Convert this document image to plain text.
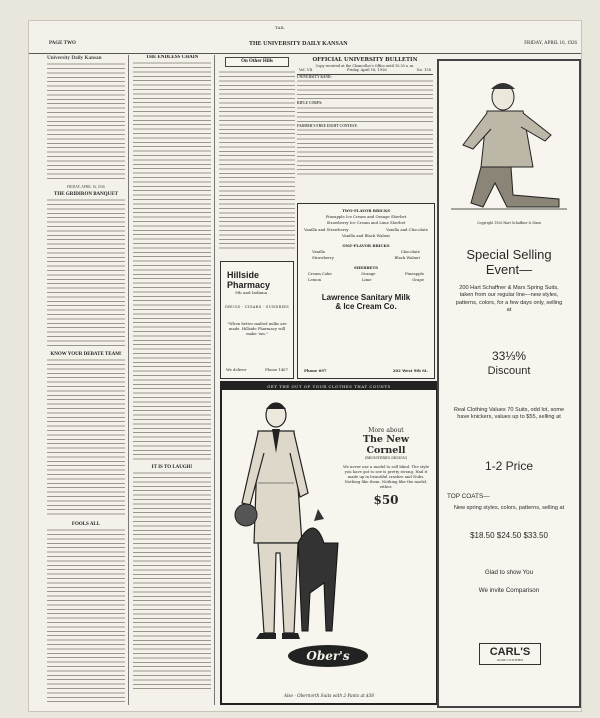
TAIL
PAGE TWO	THE UNIVERSITY DAILY KANSAN	FRIDAY, APRIL 16, 1926
University Daily Kansan
FRIDAY, APRIL 16, 1926
THE GRIDIRON BANQUET
KNOW YOUR DEBATE TEAM!
FOOLS ALL
THE ENDLESS CHAIN
IT IS TO LAUGH!
On Other Hills
Hillside Pharmacy
9th and Indiana
DRUGS - CIGARS - SUNDRIES
"When better malted milks are made, Hillside Pharmacy will make 'em."
We deliver	Phone 1467
OFFICIAL UNIVERSITY BULLETIN
Copy received at the Chancellor's Office until 10:30 a. m.
Vol. VII	Friday, April 16, 1926	No. 158
UNIVERSITY BAND:
RIFLE CORPS:
FARMER'S FREE EIGHT CONTEST:
TWO-FLAVOR BRICKS
Pineapple Ice Cream and Orange Sherbet
Strawberry Ice Cream and Lime Sherbet
Vanilla and Strawberry	Vanilla and Chocolate
Vanilla and Black Walnut
ONE-FLAVOR BRICKS
Vanilla	Chocolate
Strawberry	Black Walnut
SHERBETS
Cream Cake	Orange	Pineapple
Lemon	Lime	Grape
Lawrence Sanitary Milk
& Ice Cream Co.
Phone 697	202 West 9th St.
GET THE OUT OF YOUR CLOTHES THAT COUNTS
More about
The New Cornell
(REGISTERED DESIGN)
We never use a model to sell blind. The style you have got to see is pretty strong. Had it made up in beautiful crashes and Nubs. Nothing like them. Nothing like the model, either.
$50
Ober's
Also - Obernorth Suits with 2-Pants at $38
Copyright 1926 Hart Schaffner & Marx
Special Selling
Event—
200 Hart Schaffner & Marx Spring Suits, taken from our regular line—new styles, patterns, colors, for a few days only, selling at
33⅓%
Discount
Real Clothing Values 70 Suits, odd lot, some have knickers, values up to $55, selling at
1-2 Price
TOP COATS—
New spring styles, colors, patterns, selling at
$18.50 $24.50 $33.50
Glad to show You
We invite Comparison
CARL'S
GOOD CLOTHES
